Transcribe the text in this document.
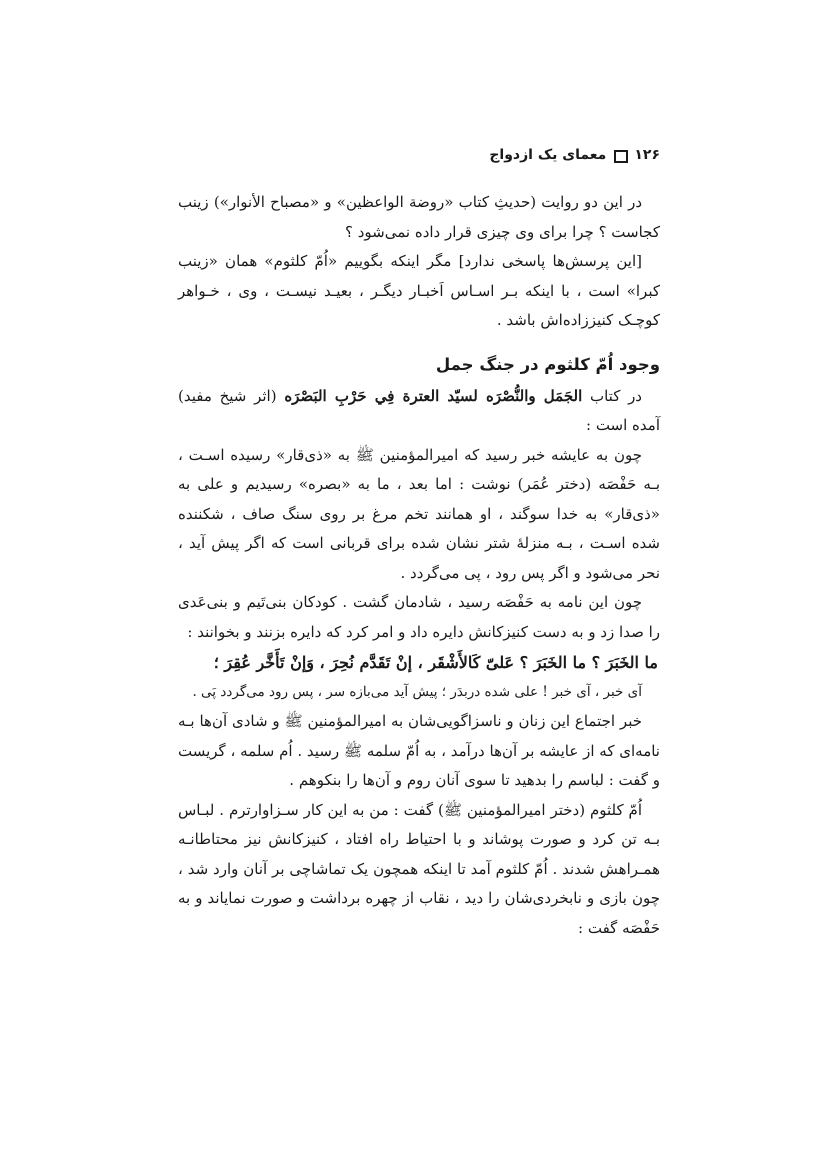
۱۲۶
معمای یک ازدواج

در این دو روایت (حدیثِ کتاب «روضة الواعظین» و «مصباح الأنوار») زینب کجاست ؟ چرا برای وی چیزی قرار داده نمی‌شود ؟

[این پرسش‌ها پاسخی ندارد] مگر اینکه بگوییم «اُمّ کلثوم» همان «زینب کبرا» است ، با اینکه بـر اسـاس اَخبـار دیگـر ، بعیـد نیسـت ، وی ، خـواهر کوچـک کنیززاده‌اش باشد .

وجود اُمّ کلثوم در جنگ جمل

در کتاب الجَمَل والنُّصْرَه لسیّد العترة فِي حَرْبِ البَصْرَه (اثر شیخ مفید) آمده است :

چون به عایشه خبر رسید که امیرالمؤمنین ﷺ به «ذی‌قار» رسیده اسـت ، بـه حَفْصَه (دختر عُمَر) نوشت : اما بعد ، ما به «بصره» رسیدیم و علی به «ذی‌قار» به خدا سوگند ، او همانند تخم مرغ بر روی سنگ صاف ، شکننده شده اسـت ، بـه منزلهٔ شتر نشان شده برای قربانی است که اگر پیش آید ، نحر می‌شود و اگر پس رود ، پی می‌گردد .

چون این نامه به حَفْصَه رسید ، شادمان گشت . کودکان بنی‌تَیم و بنی‌عَدی را صدا زد و به دست کنیزکانش دایره داد و امر کرد که دایره بزنند و بخوانند :

ما الخَبَرَ ؟ ما الخَبَرَ ؟ عَلیّ کَالأَشْقَر ، إنْ تَقَدَّم نُحِرَ ، وَإنْ تَأَخَّر عُقِرَ ؛

آی خبر ، آی خبر ! علی شده دربدَر ؛ پیش آید می‌بازه سر ، پس رود می‌گردد پَی .

خبر اجتماع این زنان و ناسزاگویی‌شان به امیرالمؤمنین ﷺ و شادی آن‌ها بـه نامه‌ای که از عایشه بر آن‌ها درآمد ، به اُمّ سلمه ﷺ رسید . اُم سلمه ، گریست و گفت : لباسم را بدهید تا سوی آنان روم و آن‌ها را بنکوهم .

اُمّ کلثوم (دختر امیرالمؤمنین ﷺ) گفت : من به این کار سـزاوارترم . لبـاس بـه تن کرد و صورت پوشاند و با احتیاط راه افتاد ، کنیزکانش نیز محتاطانـه همـراهش شدند . اُمّ کلثوم آمد تا اینکه همچون یک تماشاچی بر آنان وارد شد ، چون بازی و نابخردی‌شان را دید ، نقاب از چهره برداشت و صورت نمایاند و به حَفْصَه گفت :
